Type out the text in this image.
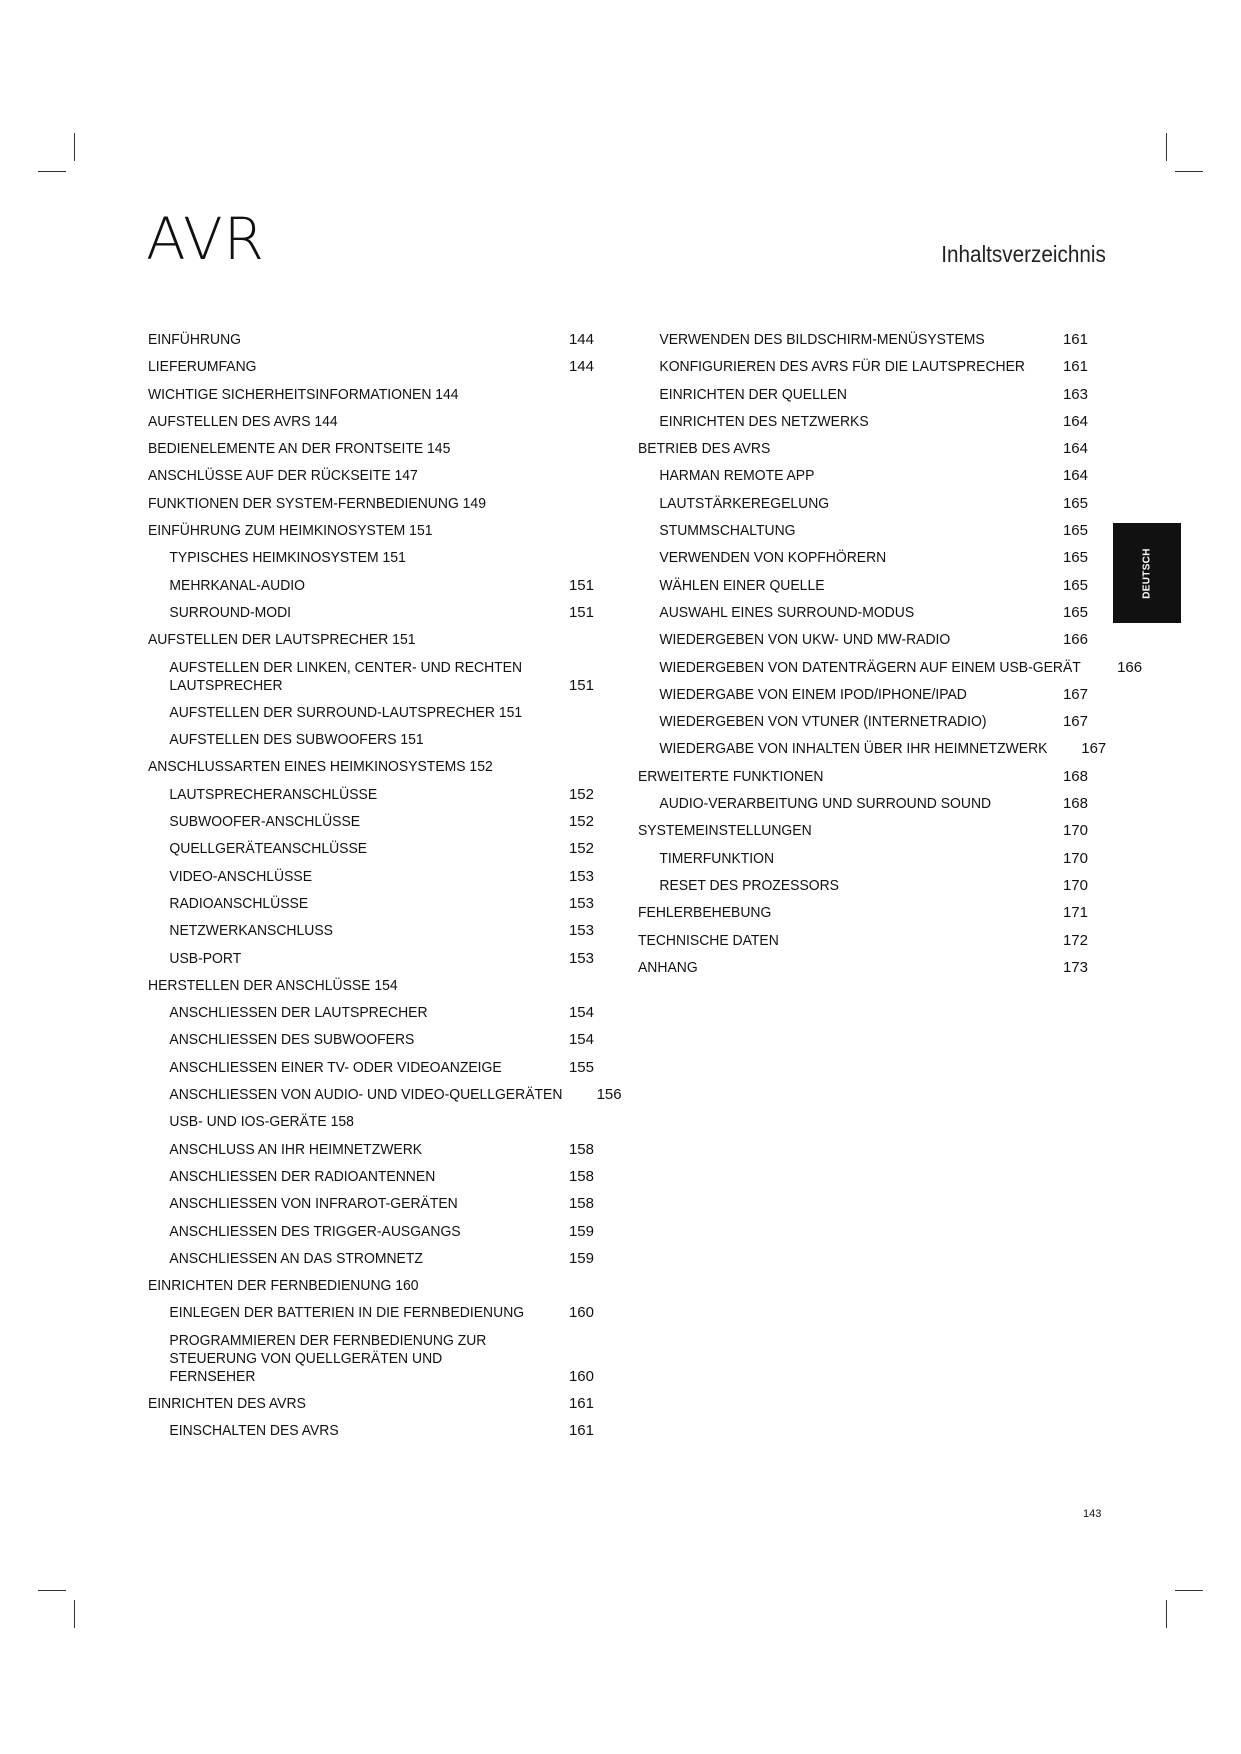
AVR	Inhaltsverzeichnis
EINFÜHRUNG	144
LIEFERUMFANG	144
WICHTIGE SICHERHEITSINFORMATIONEN 144
AUFSTELLEN DES AVRS 144
BEDIENELEMENTE AN DER FRONTSEITE 145
ANSCHLÜSSE AUF DER RÜCKSEITE 147
FUNKTIONEN DER SYSTEM-FERNBEDIENUNG 149
EINFÜHRUNG ZUM HEIMKINOSYSTEM 151
TYPISCHES HEIMKINOSYSTEM 151
MEHRKANAL-AUDIO	151
SURROUND-MODI	151
AUFSTELLEN DER LAUTSPRECHER 151
AUFSTELLEN DER LINKEN, CENTER- UND RECHTEN LAUTSPRECHER	151
AUFSTELLEN DER SURROUND-LAUTSPRECHER 151
AUFSTELLEN DES SUBWOOFERS 151
ANSCHLUSSARTEN EINES HEIMKINOSYSTEMS 152
LAUTSPRECHERANSCHLÜSSE	152
SUBWOOFER-ANSCHLÜSSE	152
QUELLGERÄTEANSCHLÜSSE	152
VIDEO-ANSCHLÜSSE	153
RADIOANSCHLÜSSE	153
NETZWERKANSCHLUSS	153
USB-PORT	153
HERSTELLEN DER ANSCHLÜSSE 154
ANSCHLIESSEN DER LAUTSPRECHER	154
ANSCHLIESSEN DES SUBWOOFERS	154
ANSCHLIESSEN EINER TV- ODER VIDEOANZEIGE	155
ANSCHLIESSEN VON AUDIO- UND VIDEO-QUELLGERÄTEN 156
USB- UND IOS-GERÄTE 158
ANSCHLUSS AN IHR HEIMNETZWERK	158
ANSCHLIESSEN DER RADIOANTENNEN	158
ANSCHLIESSEN VON INFRAROT-GERÄTEN	158
ANSCHLIESSEN DES TRIGGER-AUSGANGS	159
ANSCHLIESSEN AN DAS STROMNETZ	159
EINRICHTEN DER FERNBEDIENUNG 160
EINLEGEN DER BATTERIEN IN DIE FERNBEDIENUNG	160
PROGRAMMIEREN DER FERNBEDIENUNG ZUR STEUERUNG VON QUELLGERÄTEN UND FERNSEHER	160
EINRICHTEN DES AVRS	161
EINSCHALTEN DES AVRS	161
VERWENDEN DES BILDSCHIRM-MENÜSYSTEMS	161
KONFIGURIEREN DES AVRS FÜR DIE LAUTSPRECHER	161
EINRICHTEN DER QUELLEN	163
EINRICHTEN DES NETZWERKS	164
BETRIEB DES AVRS	164
HARMAN REMOTE APP	164
LAUTSTÄRKEREGELUNG	165
STUMMSCHALTUNG	165
VERWENDEN VON KOPFHÖRERN	165
WÄHLEN EINER QUELLE	165
AUSWAHL EINES SURROUND-MODUS	165
WIEDERGEBEN VON UKW- UND MW-RADIO	166
WIEDERGEBEN VON DATENTRÄGERN AUF EINEM USB-GERÄT 166
WIEDERGABE VON EINEM IPOD/IPHONE/IPAD	167
WIEDERGEBEN VON VTUNER (INTERNETRADIO)	167
WIEDERGABE VON INHALTEN ÜBER IHR HEIMNETZWERK 167
ERWEITERTE FUNKTIONEN	168
AUDIO-VERARBEITUNG UND SURROUND SOUND	168
SYSTEMEINSTELLUNGEN	170
TIMERFUNKTION	170
RESET DES PROZESSORS	170
FEHLERBEHEBUNG	171
TECHNISCHE DATEN	172
ANHANG	173
DEUTSCH
143
